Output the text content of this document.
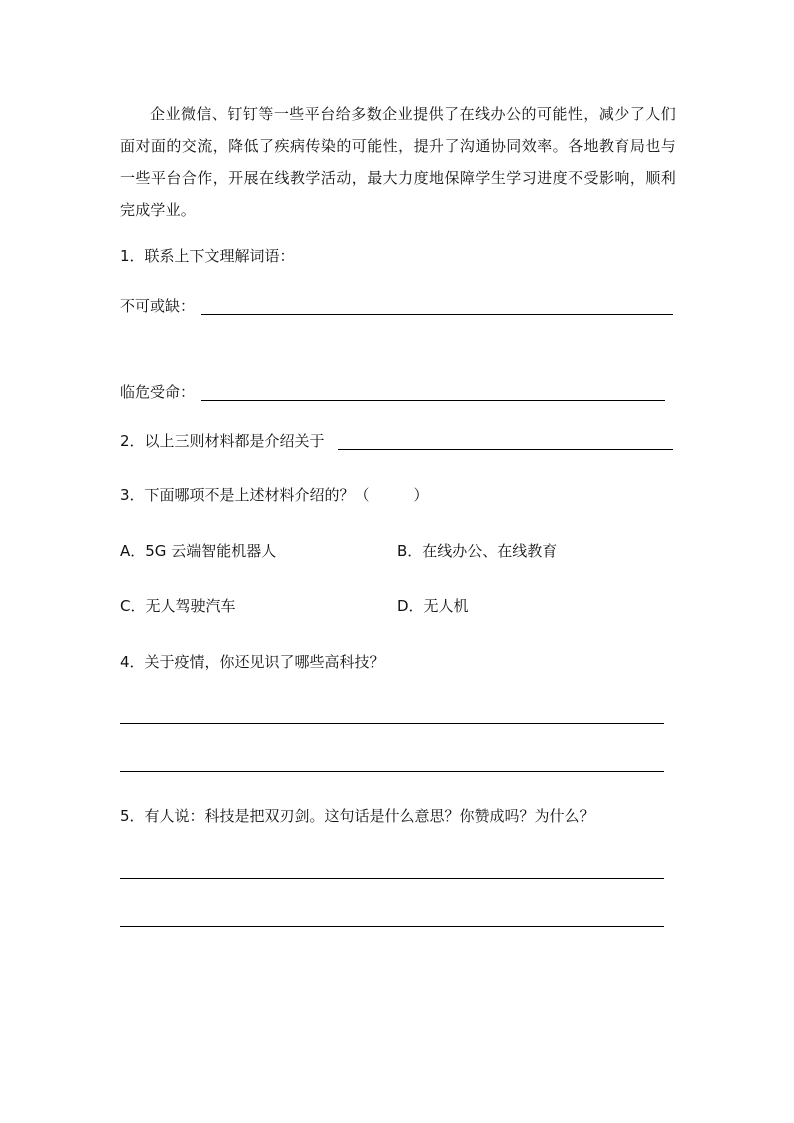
企业微信、钉钉等一些平台给多数企业提供了在线办公的可能性，减少了人们面对面的交流，降低了疾病传染的可能性，提升了沟通协同效率。各地教育局也与一些平台合作，开展在线教学活动，最大力度地保障学生学习进度不受影响，顺利完成学业。
1．联系上下文理解词语：
不可或缺：
临危受命：
2．以上三则材料都是介绍关于
3．下面哪项不是上述材料介绍的？（	）
A．5G 云端智能机器人	B．在线办公、在线教育
C．无人驾驶汽车	D．无人机
4．关于疫情，你还见识了哪些高科技？
5．有人说：科技是把双刃剑。这句话是什么意思？你赞成吗？为什么？
